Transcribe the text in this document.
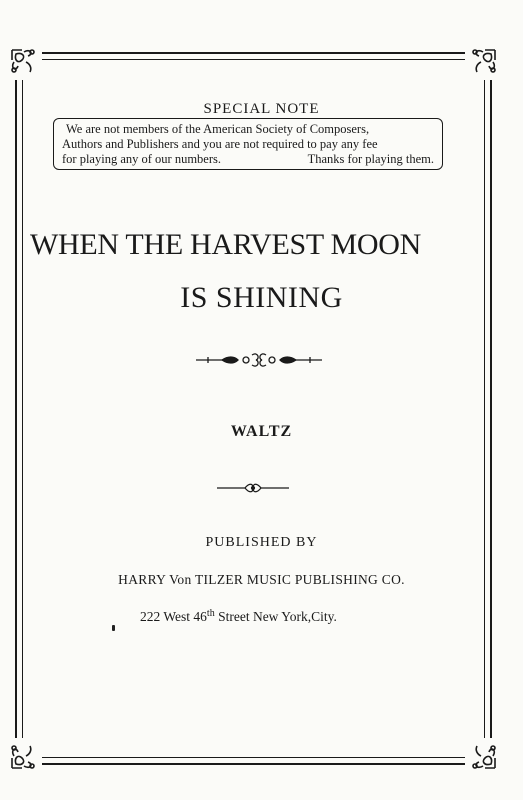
SPECIAL NOTE
We are not members of the American Society of Composers,
Authors and Publishers and you are not required to pay any fee
for playing any of our numbers.	Thanks for playing them.
WHEN THE HARVEST MOON
IS SHINING
WALTZ
PUBLISHED BY
HARRY Von TILZER MUSIC PUBLISHING CO.
222 West 46th Street New York,City.
